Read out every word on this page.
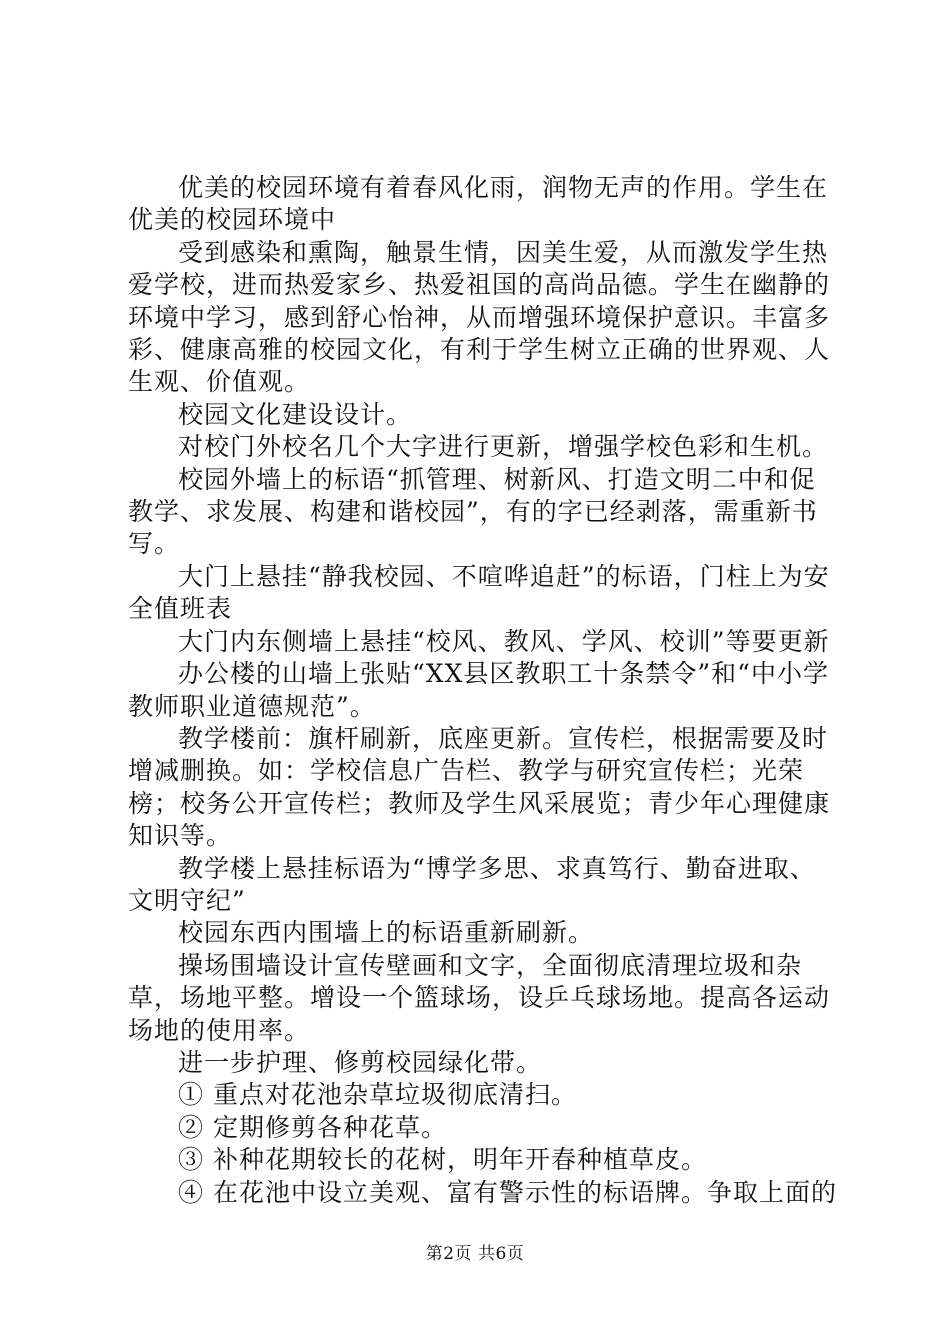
优美的校园环境有着春风化雨，润物无声的作用。学生在优美的校园环境中

受到感染和熏陶，触景生情，因美生爱，从而激发学生热爱学校，进而热爱家乡、热爱祖国的高尚品德。学生在幽静的环境中学习，感到舒心怡神，从而增强环境保护意识。丰富多彩、健康高雅的校园文化，有利于学生树立正确的世界观、人生观、价值观。

校园文化建设设计。

对校门外校名几个大字进行更新，增强学校色彩和生机。

校园外墙上的标语“抓管理、树新风、打造文明二中和促教学、求发展、构建和谐校园”，有的字已经剥落，需重新书写。

大门上悬挂“静我校园、不喧哗追赶”的标语，门柱上为安全值班表

大门内东侧墙上悬挂“校风、教风、学风、校训”等要更新

办公楼的山墙上张贴“XX县区教职工十条禁令”和“中小学教师职业道德规范”。

教学楼前：旗杆刷新，底座更新。宣传栏，根据需要及时增减删换。如：学校信息广告栏、教学与研究宣传栏；光荣榜；校务公开宣传栏；教师及学生风采展览；青少年心理健康知识等。

教学楼上悬挂标语为“博学多思、求真笃行、勤奋进取、文明守纪”

校园东西内围墙上的标语重新刷新。

操场围墙设计宣传壁画和文字，全面彻底清理垃圾和杂草，场地平整。增设一个篮球场，设乒乓球场地。提高各运动场地的使用率。

进一步护理、修剪校园绿化带。

① 重点对花池杂草垃圾彻底清扫。

② 定期修剪各种花草。

③ 补种花期较长的花树，明年开春种植草皮。

④ 在花池中设立美观、富有警示性的标语牌。争取上面的

第2页 共6页
